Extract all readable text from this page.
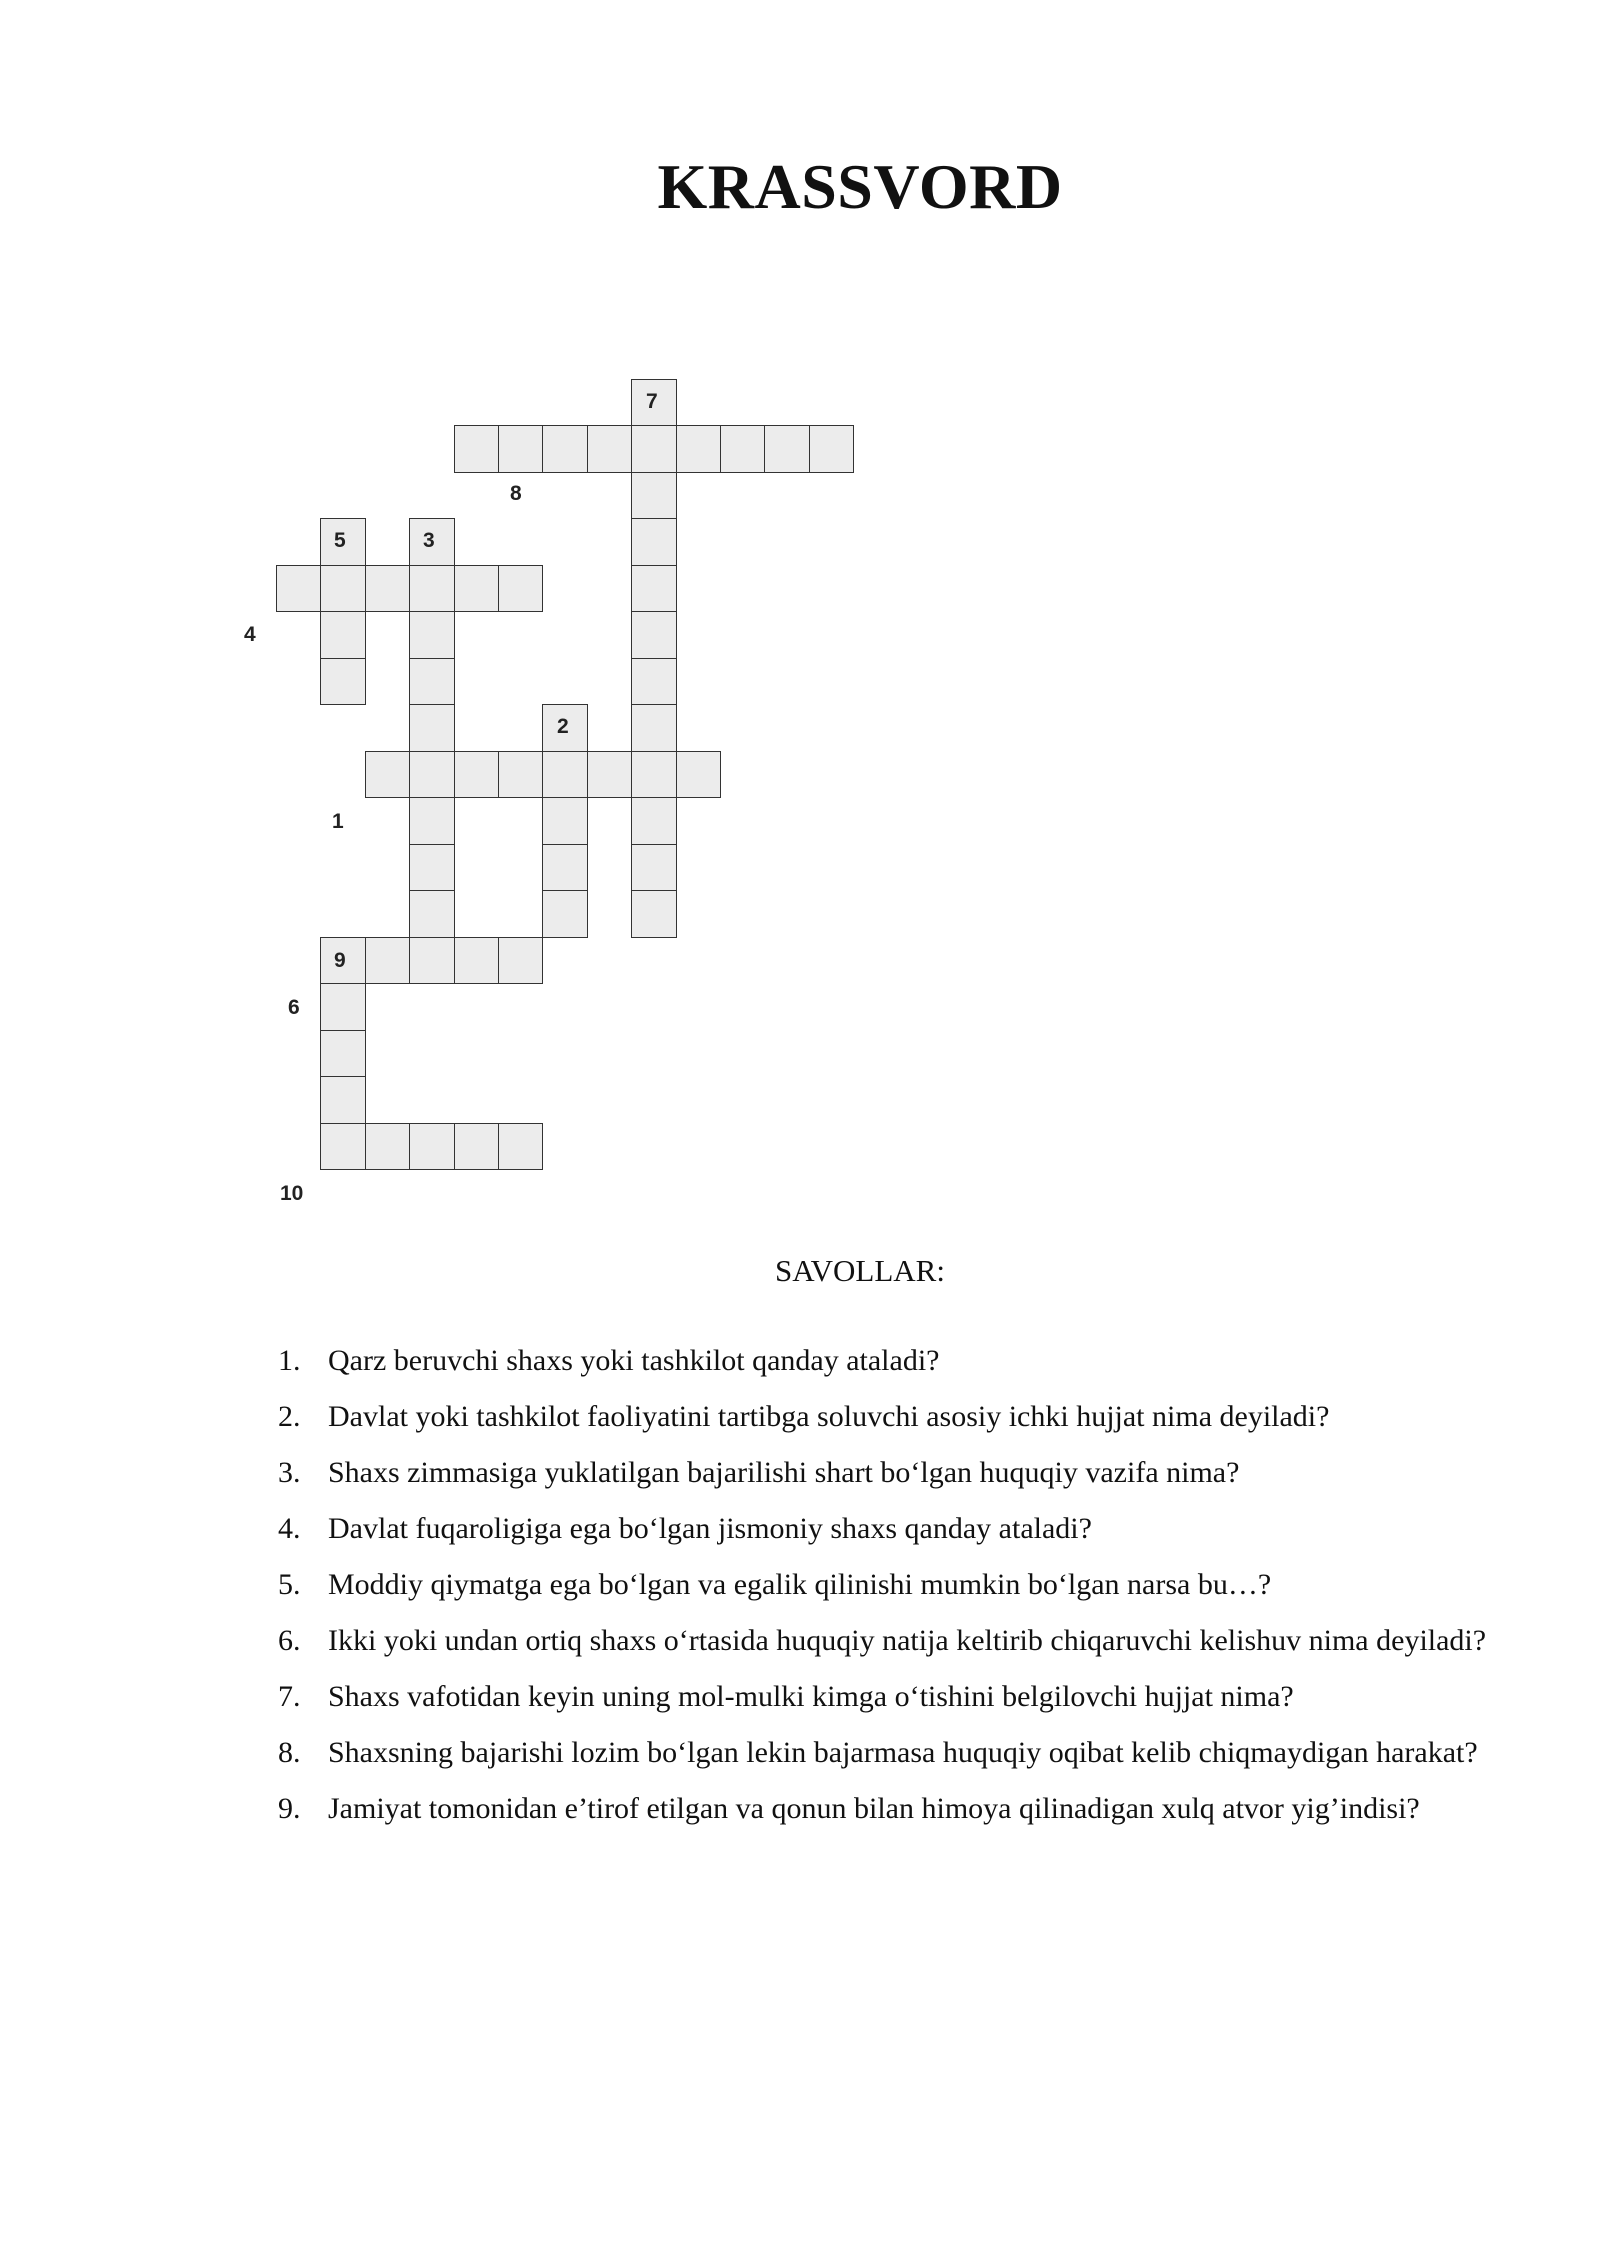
KRASSVORD
1
2
3
4
5
6
7
8
9
10
SAVOLLAR:
1. Qarz beruvchi shaxs yoki tashkilot qanday ataladi?
2. Davlat yoki tashkilot faoliyatini tartibga soluvchi asosiy ichki hujjat nima deyiladi?
3. Shaxs zimmasiga yuklatilgan bajarilishi shart bo‘lgan huquqiy vazifa nima?
4. Davlat fuqaroligiga ega bo‘lgan jismoniy shaxs qanday ataladi?
5. Moddiy qiymatga ega bo‘lgan va egalik qilinishi mumkin bo‘lgan narsa bu…?
6. Ikki yoki undan ortiq shaxs o‘rtasida huquqiy natija keltirib chiqaruvchi kelishuv nima deyiladi?
7. Shaxs vafotidan keyin uning mol-mulki kimga o‘tishini belgilovchi hujjat nima?
8. Shaxsning bajarishi lozim bo‘lgan lekin bajarmasa huquqiy oqibat kelib chiqmaydigan harakat?
9. Jamiyat tomonidan e’tirof etilgan va qonun bilan himoya qilinadigan xulq atvor yig’indisi?
